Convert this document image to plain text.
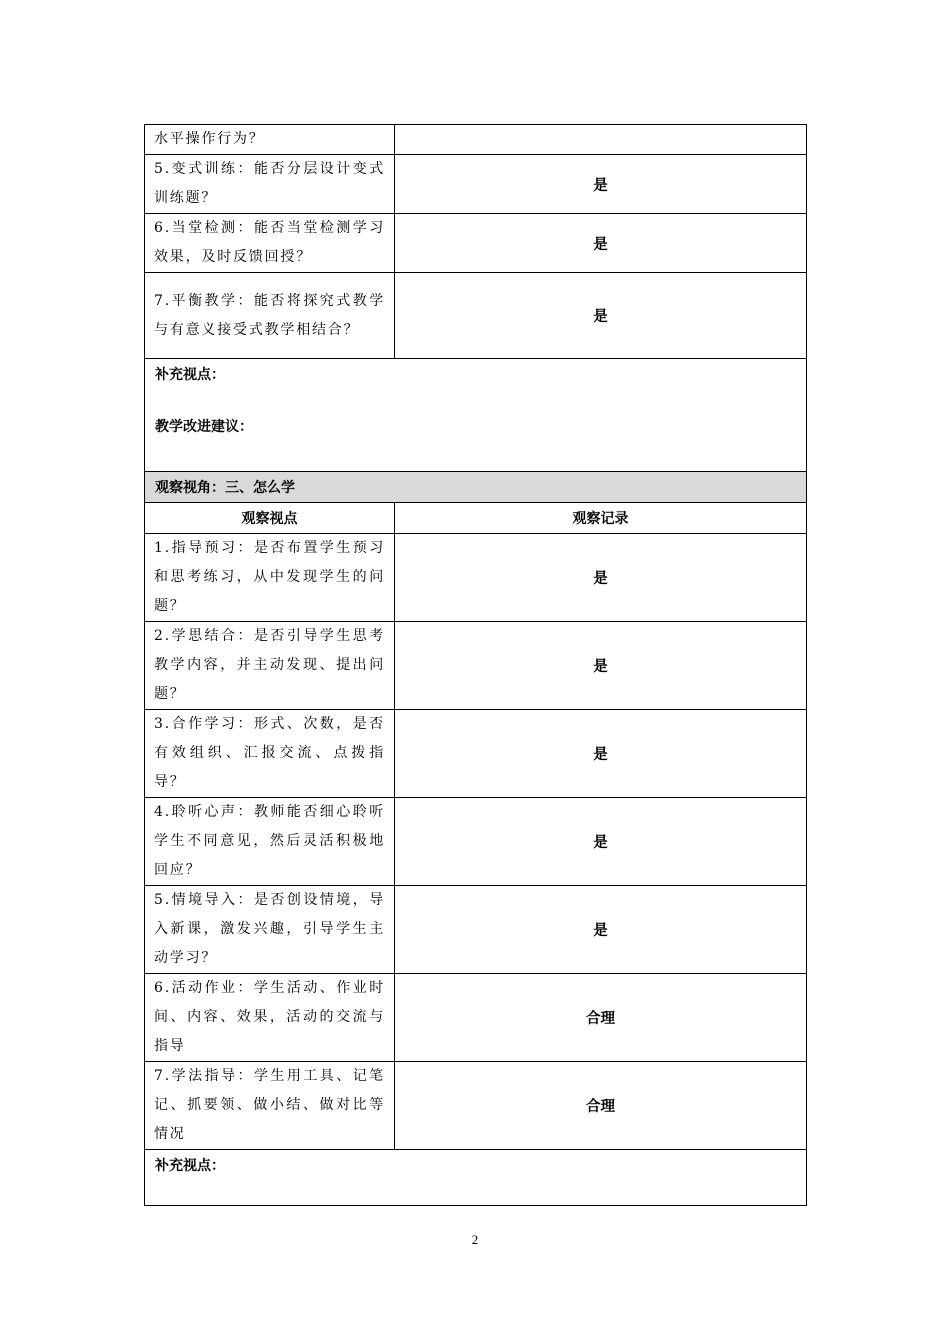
水平操作行为？	
5.变式训练：能否分层设计变式训练题？	是
6.当堂检测：能否当堂检测学习效果，及时反馈回授？	是
7.平衡教学：能否将探究式教学与有意义接受式教学相结合？	是

补充视点：
教学改进建议：	

观察视角：三、怎么学	
观察视点	观察记录
1.指导预习：是否布置学生预习和思考练习，从中发现学生的问题？	是
2.学思结合：是否引导学生思考教学内容，并主动发现、提出问题？	是
3.合作学习：形式、次数，是否有效组织、汇报交流、点拨指导？	是
4.聆听心声：教师能否细心聆听学生不同意见，然后灵活积极地回应？	是
5.情境导入：是否创设情境，导入新课，激发兴趣，引导学生主动学习？	是
6.活动作业：学生活动、作业时间、内容、效果，活动的交流与指导	合理
7.学法指导：学生用工具、记笔记、抓要领、做小结、做对比等情况	合理

补充视点：	
2
